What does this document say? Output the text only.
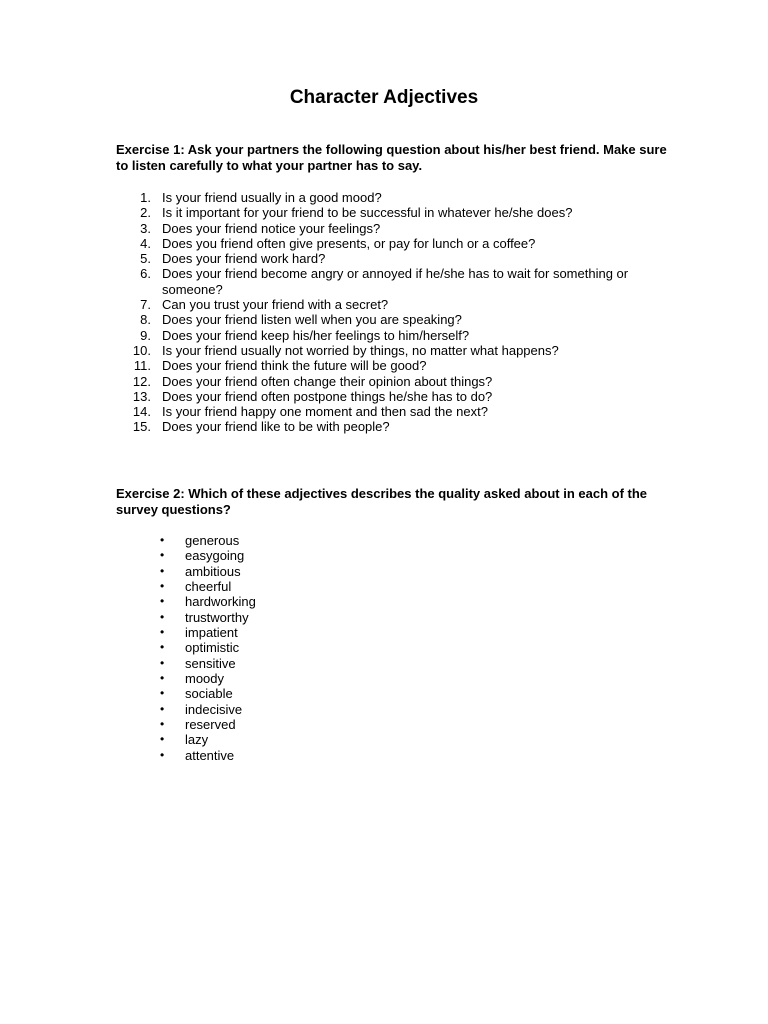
Character Adjectives

Exercise 1: Ask your partners the following question about his/her best friend. Make sure to listen carefully to what your partner has to say.

1. Is your friend usually in a good mood?
2. Is it important for your friend to be successful in whatever he/she does?
3. Does your friend notice your feelings?
4. Does you friend often give presents, or pay for lunch or a coffee?
5. Does your friend work hard?
6. Does your friend become angry or annoyed if he/she has to wait for something or someone?
7. Can you trust your friend with a secret?
8. Does your friend listen well when you are speaking?
9. Does your friend keep his/her feelings to him/herself?
10. Is your friend usually not worried by things, no matter what happens?
11. Does your friend think the future will be good?
12. Does your friend often change their opinion about things?
13. Does your friend often postpone things he/she has to do?
14. Is your friend happy one moment and then sad the next?
15. Does your friend like to be with people?

Exercise 2: Which of these adjectives describes the quality asked about in each of the survey questions?

• generous
• easygoing
• ambitious
• cheerful
• hardworking
• trustworthy
• impatient
• optimistic
• sensitive
• moody
• sociable
• indecisive
• reserved
• lazy
• attentive
